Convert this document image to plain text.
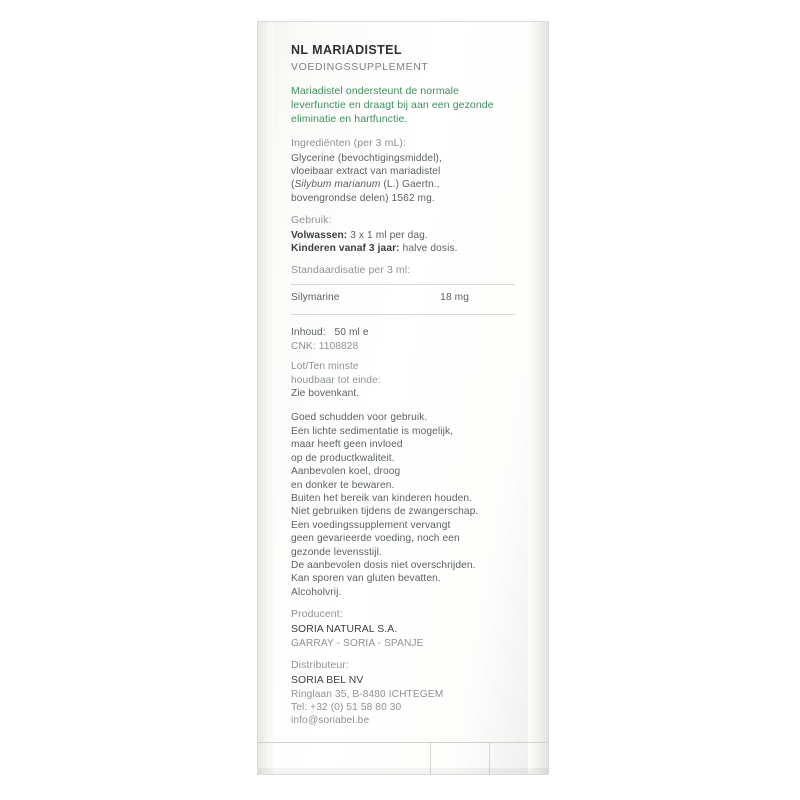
NL MARIADISTEL
VOEDINGSSUPPLEMENT
Mariadistel ondersteunt de normale leverfunctie en draagt bij aan een gezonde eliminatie en hartfunctie.
Ingrediënten (per 3 mL):
Glycerine (bevochtigingsmiddel),
vloeibaar extract van mariadistel
(Silybum marianum (L.) Gaertn.,
bovengrondse delen) 1562 mg.
Gebruik:
Volwassen: 3 x 1 ml per dag.
Kinderen vanaf 3 jaar: halve dosis.
Standaardisatie per 3 ml:
Silymarine	18 mg
Inhoud: 50 ml e
CNK: 1108828
Lot/Ten minste
houdbaar tot einde:
Zie bovenkant.
Goed schudden voor gebruik.
Een lichte sedimentatie is mogelijk,
maar heeft geen invloed
op de productkwaliteit.
Aanbevolen koel, droog
en donker te bewaren.
Buiten het bereik van kinderen houden.
Niet gebruiken tijdens de zwangerschap.
Een voedingssupplement vervangt
geen gevarieerde voeding, noch een
gezonde levensstijl.
De aanbevolen dosis niet overschrijden.
Kan sporen van gluten bevatten.
Alcoholvrij.
Producent:
SORIA NATURAL S.A.
GARRAY - SORIA - SPANJE
Distributeur:
SORIA BEL NV
Ringlaan 35, B-8480 ICHTEGEM
Tel: +32 (0) 51 58 80 30
info@soriabel.be
